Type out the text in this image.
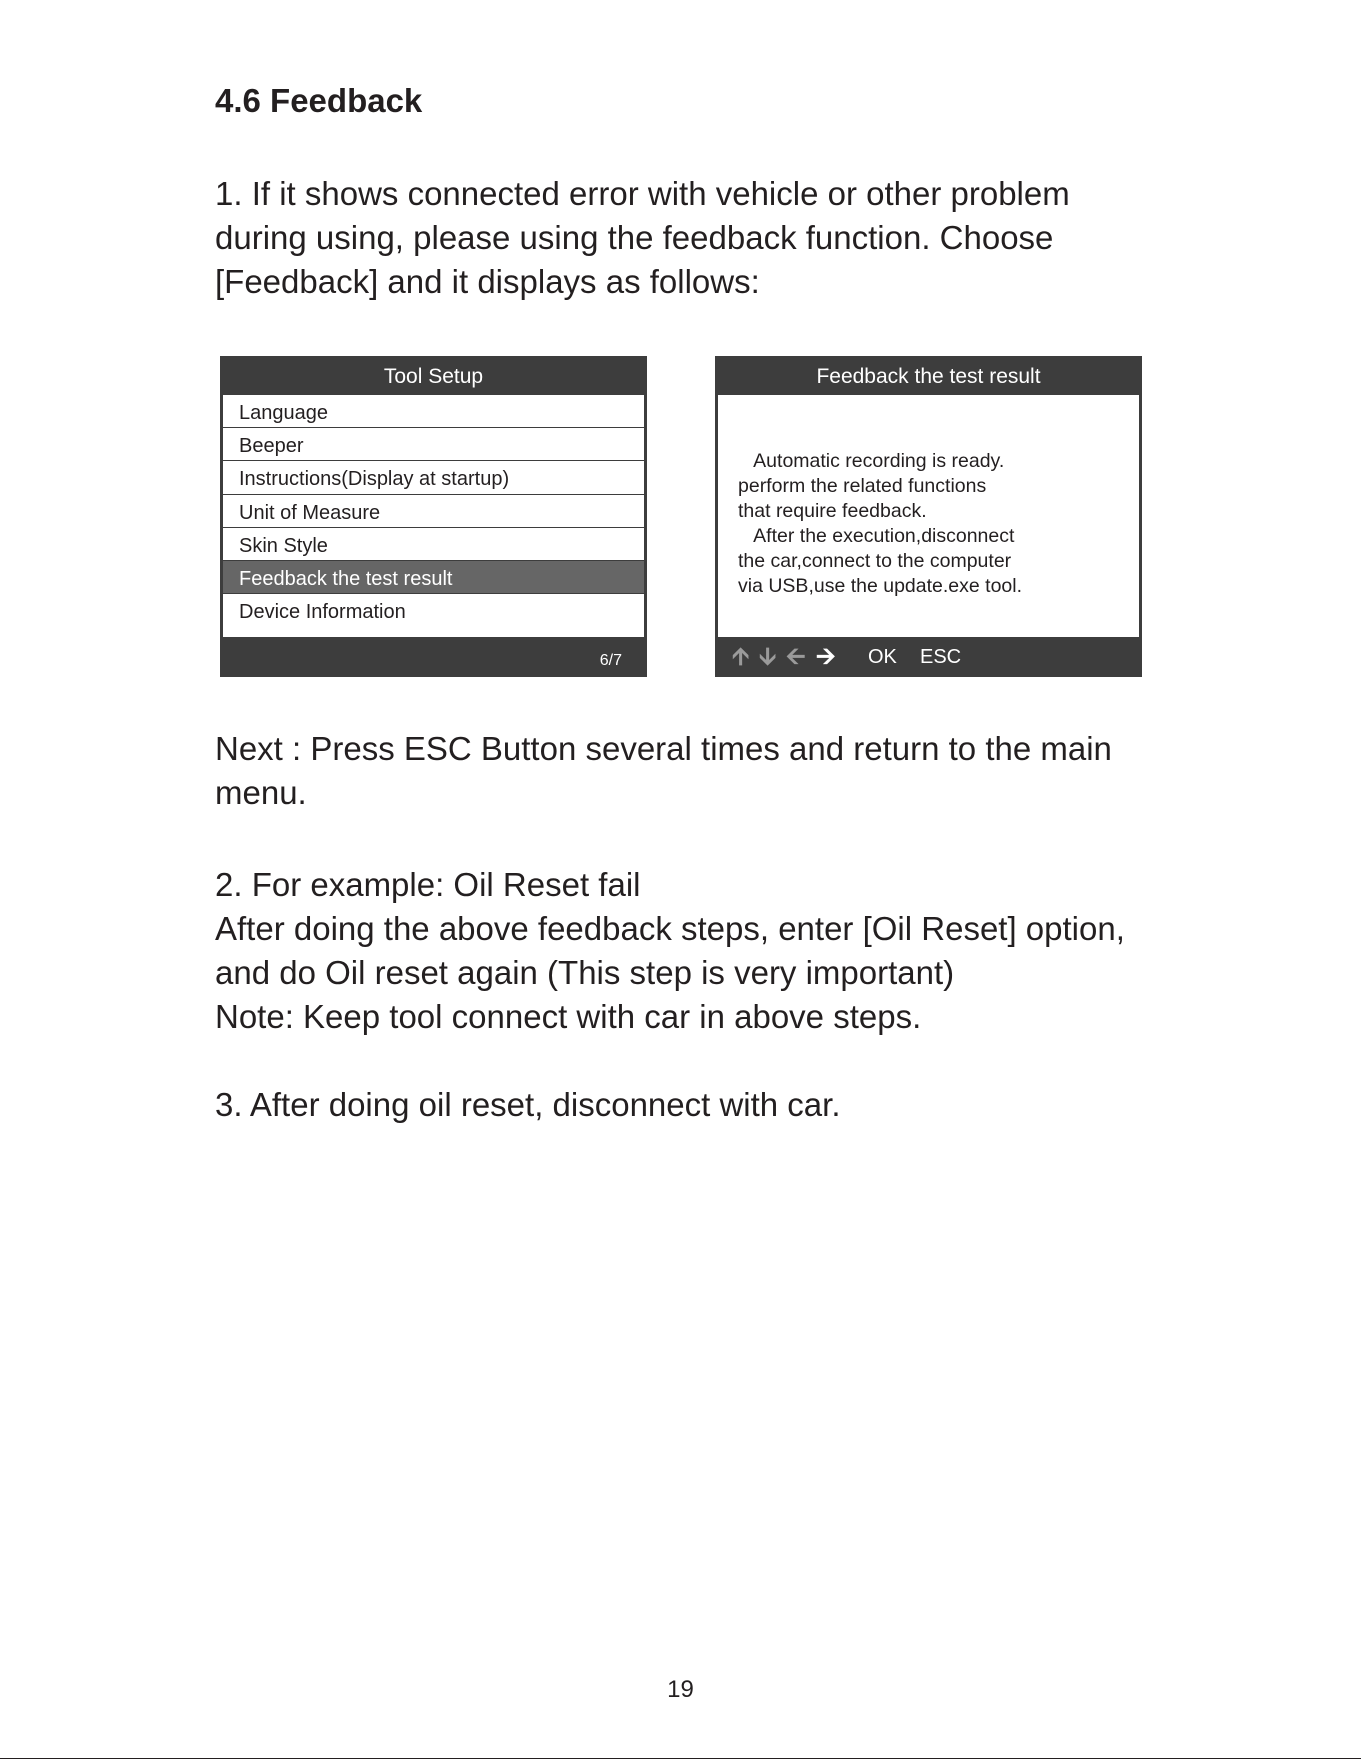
4.6 Feedback

1. If it shows connected error with vehicle or other problem

during using, please using the feedback function. Choose

[Feedback] and it displays as follows:

Tool Setup
Language
Beeper
Instructions(Display at startup)
Unit of Measure
Skin Style
Feedback the test result
Device Information
6/7
Feedback the test result

Automatic recording is ready.
perform the related functions
that require feedback.
After the execution,disconnect
the car,connect to the computer
via USB,use the update.exe tool.

🡩 🡫 🡨 🡪 OK ESC

Next : Press ESC Button several times and return to the main

menu.

2. For example: Oil Reset fail

After doing the above feedback steps, enter [Oil Reset] option,

and do Oil reset again (This step is very important)

Note: Keep tool connect with car in above steps.

3. After doing oil reset, disconnect with car.

19
